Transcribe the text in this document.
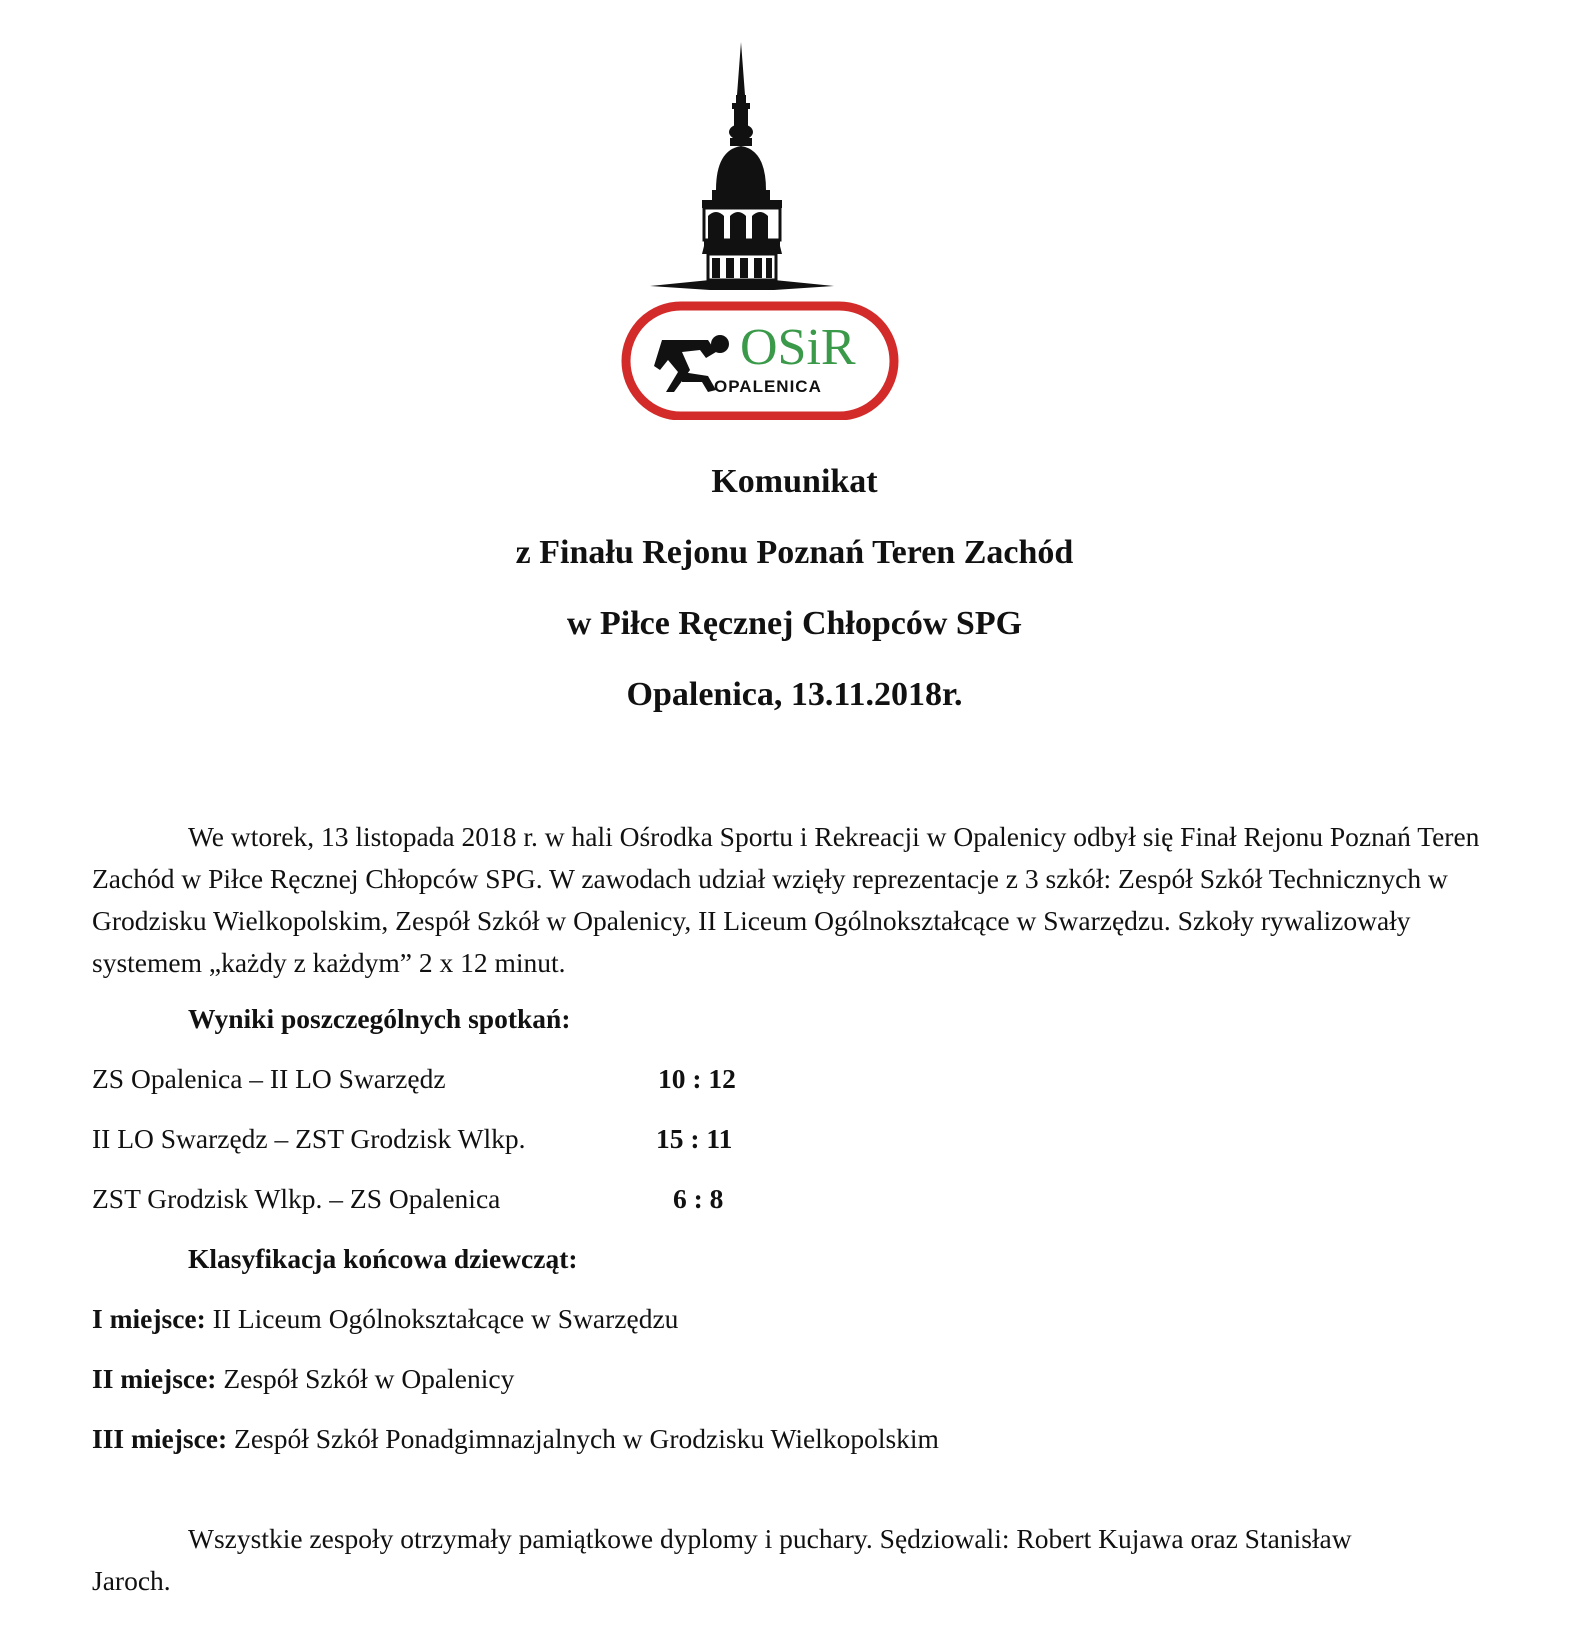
OSiR
OPALENICA
Komunikat
z Finału Rejonu Poznań Teren Zachód
w Piłce Ręcznej Chłopców SPG
Opalenica, 13.11.2018r.

We wtorek, 13 listopada 2018 r. w hali Ośrodka Sportu i Rekreacji w Opalenicy odbył się Finał Rejonu Poznań Teren Zachód w Piłce Ręcznej Chłopców SPG. W zawodach udział wzięły reprezentacje z 3 szkół: Zespół Szkół Technicznych w Grodzisku Wielkopolskim, Zespół Szkół w Opalenicy, II Liceum Ogólnokształcące w Swarzędzu. Szkoły rywalizowały systemem „każdy z każdym” 2 x 12 minut.

Wyniki poszczególnych spotkań:
ZS Opalenica – II LO Swarzędz	10 : 12
II LO Swarzędz – ZST Grodzisk Wlkp.	15 : 11
ZST Grodzisk Wlkp. – ZS Opalenica	6 : 8
Klasyfikacja końcowa dziewcząt:
I miejsce: II Liceum Ogólnokształcące w Swarzędzu
II miejsce: Zespół Szkół w Opalenicy
III miejsce: Zespół Szkół Ponadgimnazjalnych w Grodzisku Wielkopolskim

Wszystkie zespoły otrzymały pamiątkowe dyplomy i puchary. Sędziowali: Robert Kujawa oraz Stanisław Jaroch.
